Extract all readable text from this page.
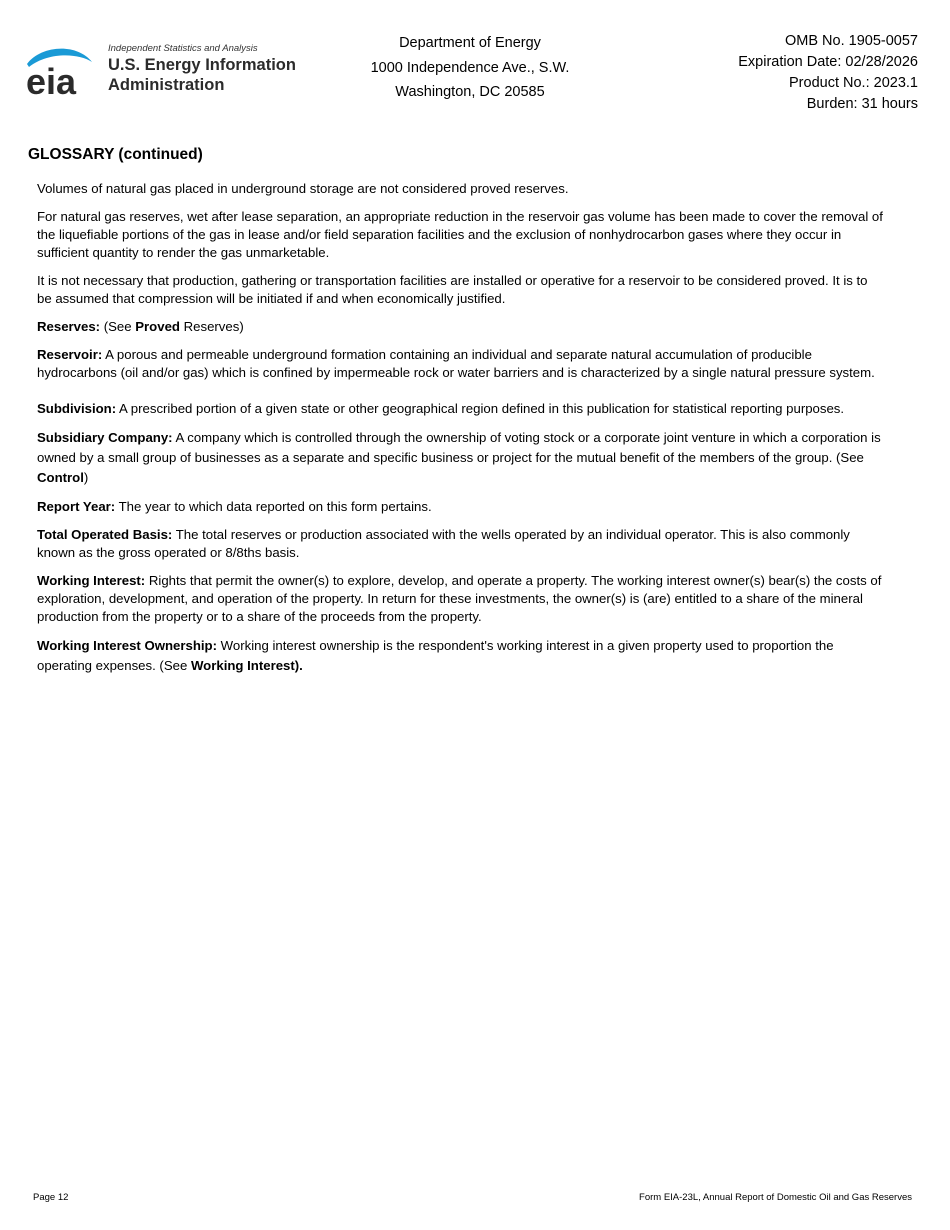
eia
Independent Statistics and Analysis
U.S. Energy Information
Administration
Department of Energy
1000 Independence Ave., S.W.
Washington, DC 20585
OMB No. 1905-0057
Expiration Date: 02/28/2026
Product No.: 2023.1
Burden: 31 hours
GLOSSARY (continued)

Volumes of natural gas placed in underground storage are not considered proved reserves.

For natural gas reserves, wet after lease separation, an appropriate reduction in the reservoir gas volume has been made to cover the removal of the liquefiable portions of the gas in lease and/or field separation facilities and the exclusion of nonhydrocarbon gases where they occur in sufficient quantity to render the gas unmarketable.

It is not necessary that production, gathering or transportation facilities are installed or operative for a reservoir to be considered proved. It is to be assumed that compression will be initiated if and when economically justified.

Reserves: (See Proved Reserves)

Reservoir: A porous and permeable underground formation containing an individual and separate natural accumulation of producible hydrocarbons (oil and/or gas) which is confined by impermeable rock or water barriers and is characterized by a single natural pressure system.

Subdivision: A prescribed portion of a given state or other geographical region defined in this publication for statistical reporting purposes.

Subsidiary Company: A company which is controlled through the ownership of voting stock or a corporate joint venture in which a corporation is owned by a small group of businesses as a separate and specific business or project for the mutual benefit of the members of the group. (See Control)

Report Year: The year to which data reported on this form pertains.

Total Operated Basis: The total reserves or production associated with the wells operated by an individual operator. This is also commonly known as the gross operated or 8/8ths basis.

Working Interest: Rights that permit the owner(s) to explore, develop, and operate a property. The working interest owner(s) bear(s) the costs of exploration, development, and operation of the property. In return for these investments, the owner(s) is (are) entitled to a share of the mineral production from the property or to a share of the proceeds from the property.

Working Interest Ownership: Working interest ownership is the respondent's working interest in a given property used to proportion the operating expenses. (See Working Interest).

Page 12	Form EIA-23L, Annual Report of Domestic Oil and Gas Reserves
